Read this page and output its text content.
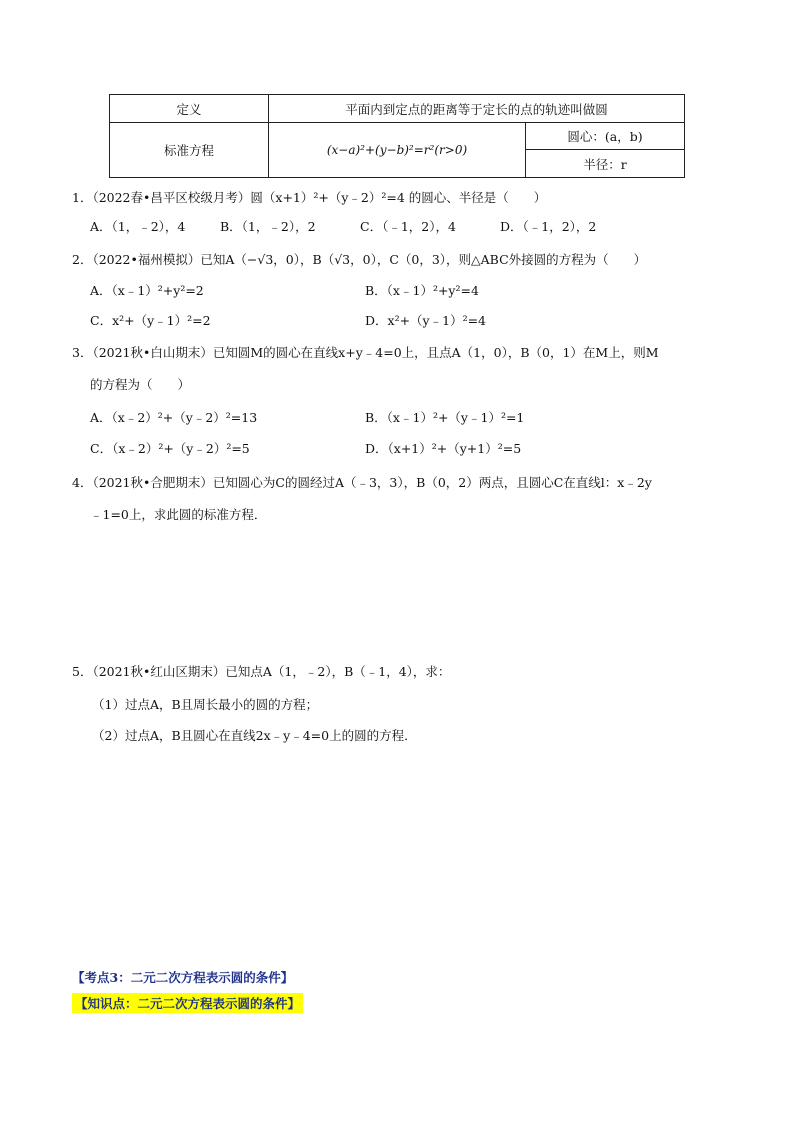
定义	平面内到定点的距离等于定长的点的轨迹叫做圆	
标准方程	(x−a)²+(y−b)²=r²(r>0)	圆心：(a，b)
		半径：r
1．（2022春•昌平区校级月考）圆（x+1）²+（y﹣2）²=4 的圆心、半径是（　　）
A．（1，﹣2），4	B．（1，﹣2），2	C．（﹣1，2），4	D．（﹣1，2），2
2．（2022•福州模拟）已知A（−√3，0），B（√3，0），C（0，3），则△ABC外接圆的方程为（　　）
A．（x﹣1）²+y²=2	B．（x﹣1）²+y²=4
C．x²+（y﹣1）²=2	D．x²+（y﹣1）²=4
3．（2021秋•白山期末）已知圆M的圆心在直线x+y﹣4=0上，且点A（1，0），B（0，1）在M上，则M
的方程为（　　）
A．（x﹣2）²+（y﹣2）²=13	B．（x﹣1）²+（y﹣1）²=1
C．（x﹣2）²+（y﹣2）²=5	D．（x+1）²+（y+1）²=5
4．（2021秋•合肥期末）已知圆心为C的圆经过A（﹣3，3），B（0，2）两点，且圆心C在直线l：x﹣2y
﹣1=0上，求此圆的标准方程．
5．（2021秋•红山区期末）已知点A（1，﹣2），B（﹣1，4），求：
（1）过点A，B且周长最小的圆的方程；
（2）过点A，B且圆心在直线2x﹣y﹣4=0上的圆的方程．
【考点3：二元二次方程表示圆的条件】
【知识点：二元二次方程表示圆的条件】
